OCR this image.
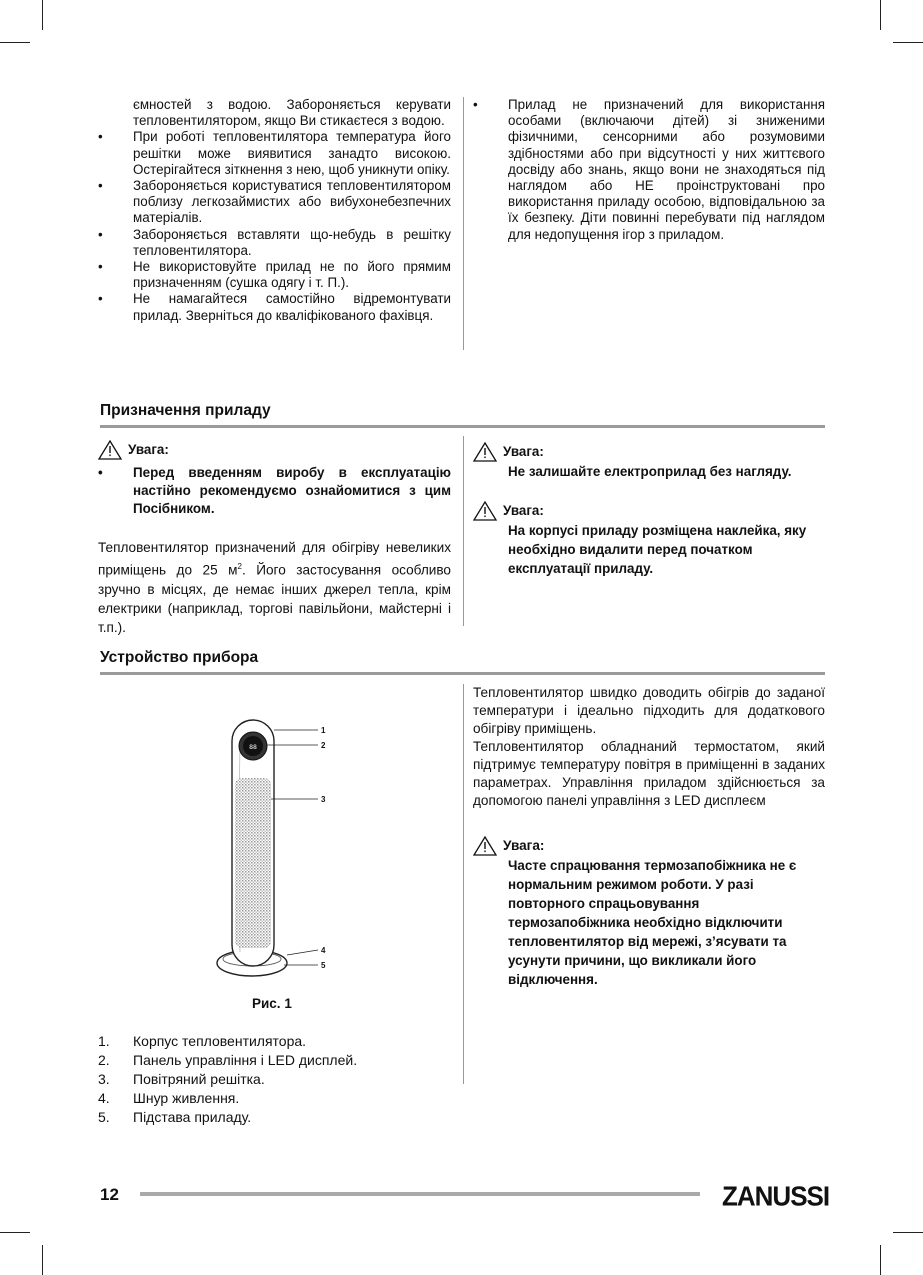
ємностей з водою. Забороняється керувати тепловентилятором, якщо Ви стикаєтеся з водою.
• При роботі тепловентилятора температура його решітки може виявитися занадто високою. Остерігайтеся зіткнення з нею, щоб уникнути опіку.
• Забороняється користуватися тепловентилятором поблизу легкозаймистих або вибухонебезпечних матеріалів.
• Забороняється вставляти що-небудь в решітку тепловентилятора.
• Не використовуйте прилад не по його прямим призначенням (сушка одягу і т. П.).
• Не намагайтеся самостійно відремонтувати прилад. Зверніться до кваліфікованого фахівця.
• Прилад не призначений для використання особами (включаючи дітей) зі зниженими фізичними, сенсорними або розумовими здібностями або при відсутності у них життєвого досвіду або знань, якщо вони не знаходяться під наглядом або НЕ проінструктовані про використання приладу особою, відповідальною за їх безпеку. Діти повинні перебувати під наглядом для недопущення ігор з приладом.
Призначення приладу
Увага:
• Перед введенням виробу в експлуатацію настійно рекомендуємо ознайомитися з цим Посібником.
Тепловентилятор призначений для обігріву невеликих приміщень до 25 $м^2$. Його застосування особливо зручно в місцях, де немає інших джерел тепла, крім електрики (наприклад, торгові павільйони, майстерні і т.п.).
Увага:
Не залишайте електроприлад без нагляду.
Увага:
На корпусі приладу розміщена наклейка, яку необхідно видалити перед початком експлуатації приладу.
Устройство прибора
88
1
2
3
4
5
Рис. 1
1. Корпус тепловентилятора.
2. Панель управління і LED дисплей.
3. Повітряний решітка.
4. Шнур живлення.
5. Підстава приладу.
Тепловентилятор швидко доводить обігрів до заданої температури і ідеально підходить для додаткового обігріву приміщень.
Тепловентилятор обладнаний термостатом, який підтримує температуру повітря в приміщенні в заданих параметрах. Управління приладом здійснюється за допомогою панелі управління з LED дисплеєм
Увага:
Часте спрацювання термозапобіжника не є нормальним режимом роботи. У разі повторного спрацьовування термозапобіжника необхідно відключити тепловентилятор від мережі, з’ясувати та усунути причини, що викликали його відключення.
12	ZANUSSI
